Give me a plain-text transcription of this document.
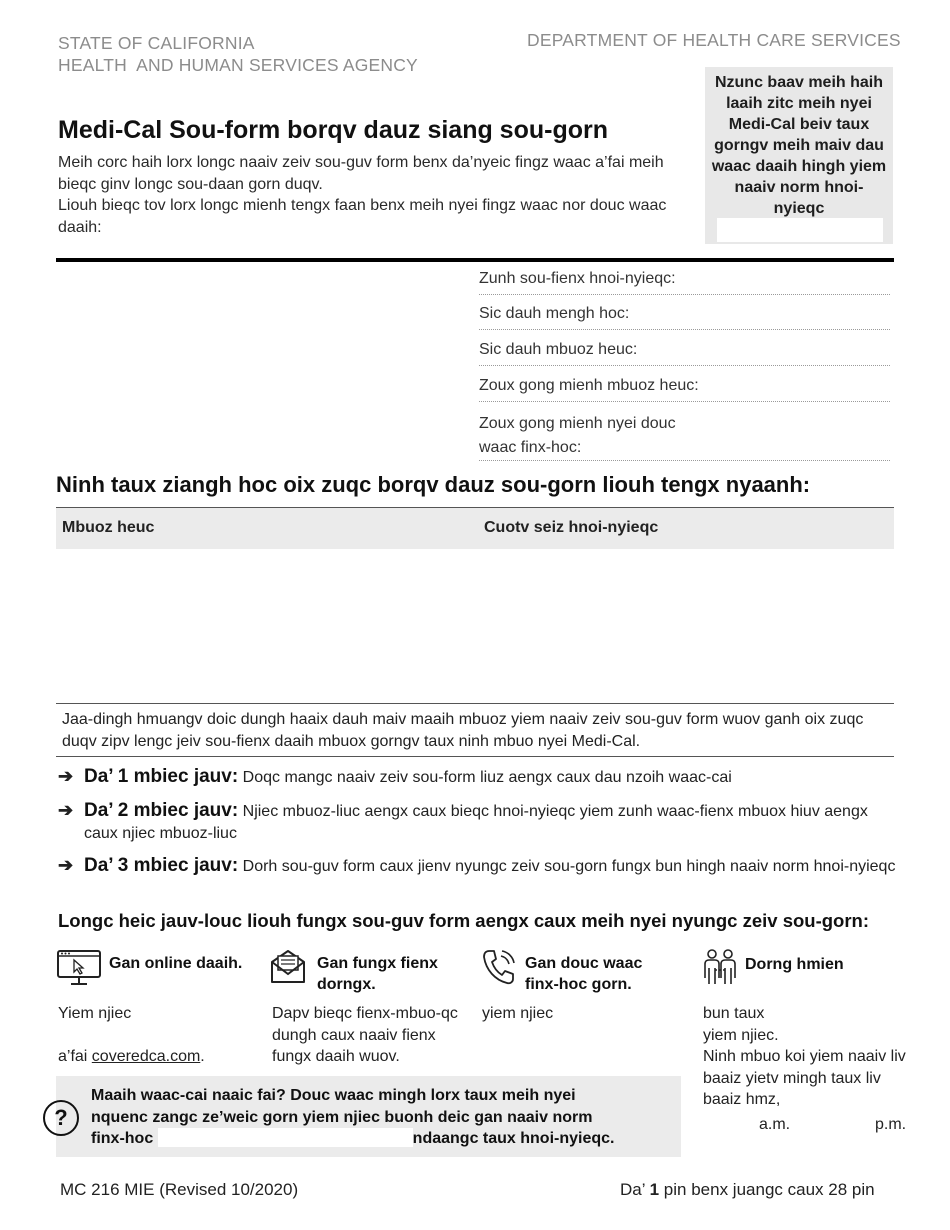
STATE OF CALIFORNIA
HEALTH  AND HUMAN SERVICES AGENCY
DEPARTMENT OF HEALTH CARE SERVICES
Nzunc baav meih haih laaih zitc meih nyei Medi-Cal beiv taux gorngv meih maiv dau waac daaih hingh yiem naaiv norm hnoi-nyieqc
Medi-Cal Sou-form borqv dauz siang sou-gorn
Meih corc haih lorx longc naaiv zeiv sou-guv form benx da’nyeic fingz waac a’fai meih bieqc ginv longc sou-daan gorn duqv.
Liouh bieqc tov lorx longc mienh tengx faan benx meih nyei fingz waac nor douc waac daaih:
Zunh sou-fienx hnoi-nyieqc:
Sic dauh mengh hoc:
Sic dauh mbuoz heuc:
Zoux gong mienh mbuoz heuc:
Zoux gong mienh nyei douc
waac finx-hoc:
Ninh taux ziangh hoc oix zuqc borqv dauz sou-gorn liouh tengx nyaanh:
Mbuoz heuc	Cuotv seiz hnoi-nyieqc
Jaa-dingh hmuangv doic dungh haaix dauh maiv maaih mbuoz yiem naaiv zeiv sou-guv form wuov ganh oix zuqc duqv zipv lengc jeiv sou-fienx daaih mbuox gorngv taux ninh mbuo nyei Medi-Cal.
➔ Da’ 1 mbiec jauv: Doqc mangc naaiv zeiv sou-form liuz aengx caux dau nzoih waac-cai
➔ Da’ 2 mbiec jauv: Njiec mbuoz-liuc aengx caux bieqc hnoi-nyieqc yiem zunh waac-fienx mbuox hiuv aengx caux njiec mbuoz-liuc
➔ Da’ 3 mbiec jauv: Dorh sou-guv form caux jienv nyungc zeiv sou-gorn fungx bun hingh naaiv norm hnoi-nyieqc
Longc heic jauv-louc liouh fungx sou-guv form aengx caux meih nyei nyungc zeiv sou-gorn:
Gan online daaih.
Yiem njiec
a’fai coveredca.com.
Gan fungx fienx
dorngx.
Dapv bieqc fienx-mbuo-qc dungh caux naaiv fienx fungx daaih wuov.
Gan douc waac
finx-hoc gorn.
yiem njiec
Dorng hmien
bun taux
yiem njiec.
Ninh mbuo koi yiem naaiv liv baaiz yietv mingh taux liv baaiz hmz,
a.m.	p.m.
Maaih waac-cai naaic fai? Douc waac mingh lorx taux meih nyei
nquenc zangc ze’weic gorn yiem njiec buonh deic gan naaiv norm
finx-hoc	ndaangc taux hnoi-nyieqc.
?
MC 216 MIE (Revised 10/2020)	Da’ 1 pin benx juangc caux 28 pin
